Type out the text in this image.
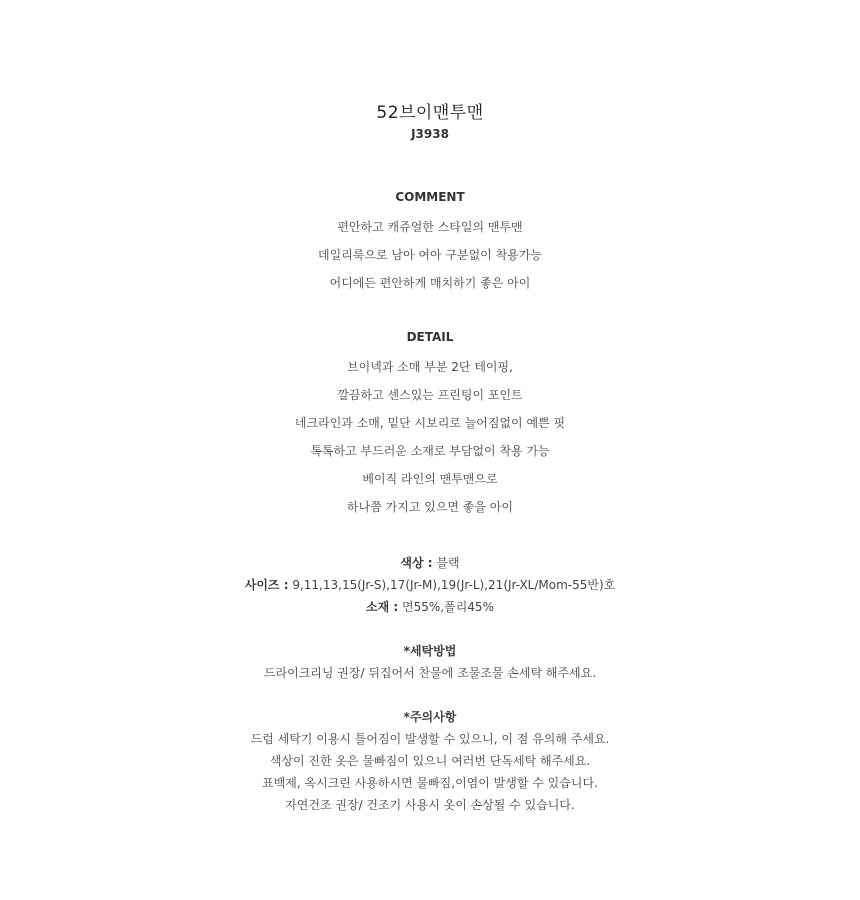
52브이맨투맨
J3938
COMMENT
편안하고 캐쥬얼한 스타일의 맨투맨
데일리룩으로 남아 여아 구분없이 착용가능
어디에든 편안하게 매치하기 좋은 아이
DETAIL
브이넥과 소매 부분 2단 테이핑,
깔끔하고 센스있는 프린팅이 포인트
네크라인과 소매, 밑단 시보리로 늘어짐없이 예쁜 핏
톡톡하고 부드러운 소재로 부담없이 착용 가능
베이직 라인의 맨투맨으로
하나쯤 가지고 있으면 좋을 아이
색상 : 블랙
사이즈 : 9,11,13,15(Jr-S),17(Jr-M),19(Jr-L),21(Jr-XL/Mom-55반)호
소재 : 면55%,폴리45%
*세탁방법
드라이크리닝 권장/ 뒤집어서 찬물에 조물조물 손세탁 해주세요.
*주의사항
드럼 세탁기 이용시 틀어짐이 발생할 수 있으니, 이 점 유의해 주세요.
색상이 진한 옷은 물빠짐이 있으니 여러번 단독세탁 해주세요.
표백제, 옥시크린 사용하시면 물빠짐,이염이 발생할 수 있습니다.
자연건조 권장/ 건조기 사용시 옷이 손상될 수 있습니다.
